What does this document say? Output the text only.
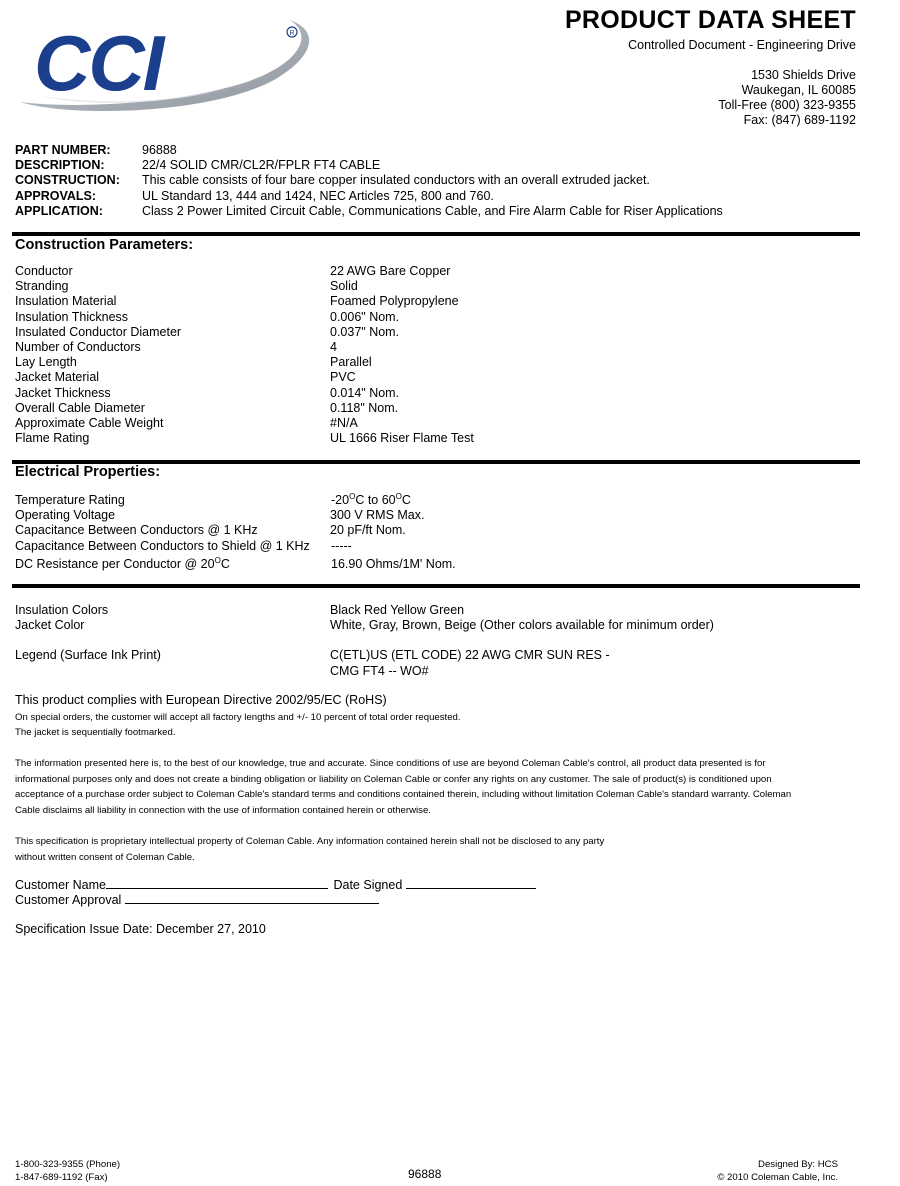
CCI	R	PRODUCT DATA SHEET
Controlled Document - Engineering Drive
1530 Shields Drive
Waukegan, IL 60085
Toll-Free (800) 323-9355
Fax: (847) 689-1192
PART NUMBER:	96888
DESCRIPTION:	22/4 SOLID CMR/CL2R/FPLR FT4 CABLE
CONSTRUCTION:	This cable consists of four bare copper insulated conductors with an overall extruded jacket.
APPROVALS:	UL Standard 13, 444 and 1424, NEC Articles 725, 800 and 760.
APPLICATION:	Class 2 Power Limited Circuit Cable, Communications Cable, and Fire Alarm Cable for Riser Applications
Construction Parameters:
Conductor	22 AWG Bare Copper
Stranding	Solid
Insulation Material	Foamed Polypropylene
Insulation Thickness	0.006" Nom.
Insulated Conductor Diameter	0.037" Nom.
Number of Conductors	4
Lay Length	Parallel
Jacket Material	PVC
Jacket Thickness	0.014" Nom.
Overall Cable Diameter	0.118" Nom.
Approximate Cable Weight	#N/A
Flame Rating	UL 1666 Riser Flame Test
Electrical Properties:
Temperature Rating	$-20^OC$ to $60^OC$
Operating Voltage	300 V RMS Max.
Capacitance Between Conductors @ 1 KHz	20 pF/ft Nom.
Capacitance Between Conductors to Shield @ 1 KHz -----
DC Resistance per Conductor @ $20^OC$	16.90 Ohms/1M' Nom.
Insulation Colors	Black Red Yellow Green
Jacket Color	White, Gray, Brown, Beige (Other colors available for minimum order)
Legend (Surface Ink Print)	C(ETL)US (ETL CODE) 22 AWG CMR SUN RES -
CMG FT4 -- WO#
This product complies with European Directive 2002/95/EC (RoHS)
On special orders, the customer will accept all factory lengths and +/- 10 percent of total order requested.
The jacket is sequentially footmarked.
The information presented here is, to the best of our knowledge, true and accurate. Since conditions of use are beyond Coleman Cable's control, all product data presented is for informational purposes only and does not create a binding obligation or liability on Coleman Cable or confer any rights on any customer. The sale of product(s) is conditioned upon acceptance of a purchase order subject to Coleman Cable's standard terms and conditions contained therein, including without limitation Coleman Cable's standard warranty. Coleman Cable disclaims all liability in connection with the use of information contained herein or otherwise.
This specification is proprietary intellectual property of Coleman Cable. Any information contained herein shall not be disclosed to any party without written consent of Coleman Cable.
Customer Name	Date Signed
Customer Approval
Specification Issue Date: December 27, 2010
1-800-323-9355 (Phone)
1-847-689-1192 (Fax)	96888
Designed By: HCS
© 2010 Coleman Cable, Inc.
